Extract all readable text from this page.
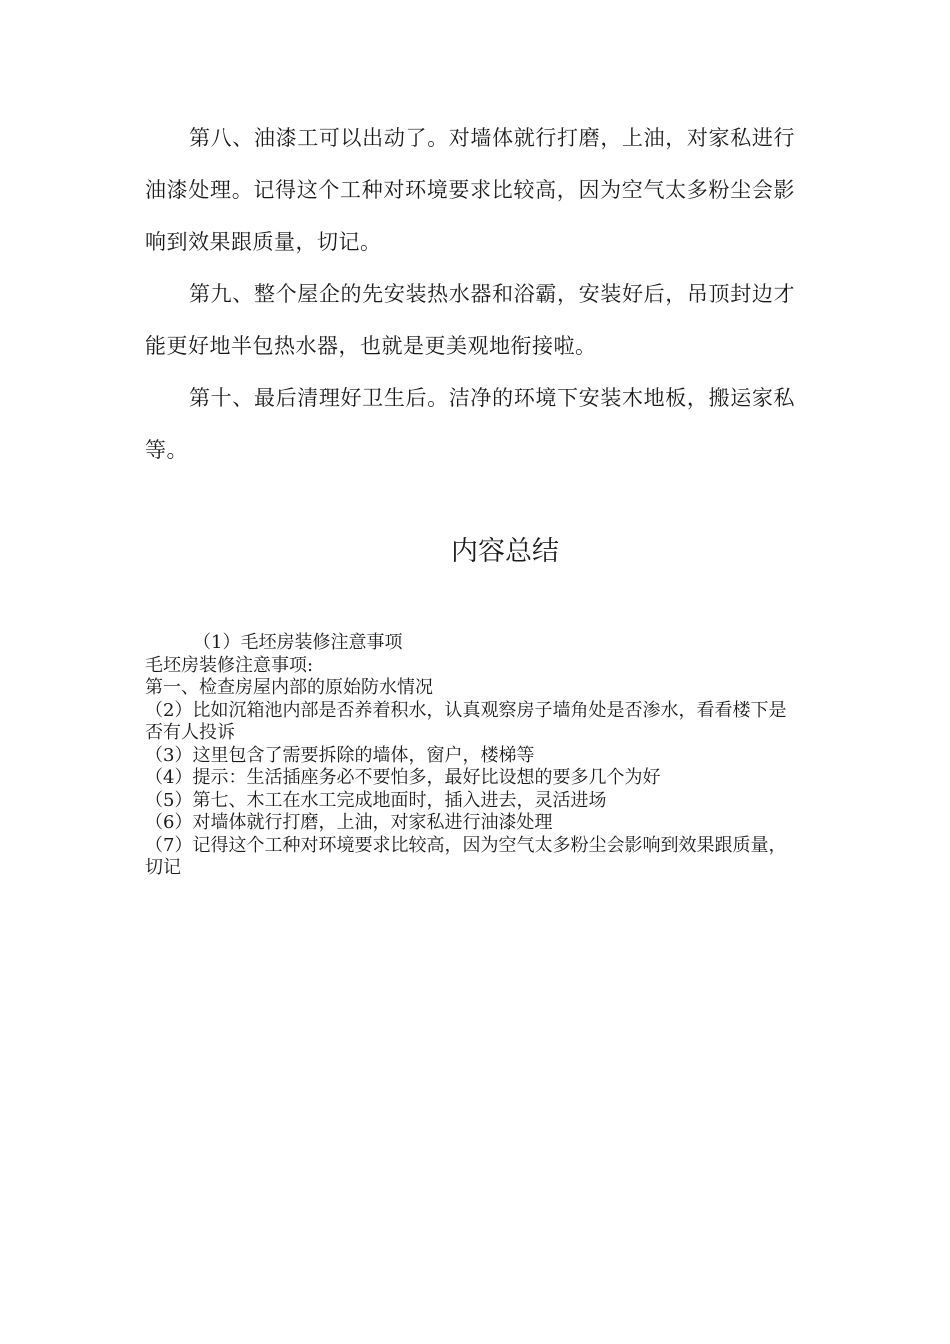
第八、油漆工可以出动了。对墙体就行打磨，上油，对家私进行油漆处理。记得这个工种对环境要求比较高，因为空气太多粉尘会影响到效果跟质量，切记。

第九、整个屋企的先安装热水器和浴霸，安装好后，吊顶封边才能更好地半包热水器，也就是更美观地衔接啦。

第十、最后清理好卫生后。洁净的环境下安装木地板，搬运家私等。

内容总结

（1）毛坯房装修注意事项

毛坯房装修注意事项:

第一、检查房屋内部的原始防水情况

（2）比如沉箱池内部是否养着积水，认真观察房子墙角处是否渗水，看看楼下是否有人投诉

（3）这里包含了需要拆除的墙体，窗户，楼梯等

（4）提示：生活插座务必不要怕多，最好比设想的要多几个为好

（5）第七、木工在水工完成地面时，插入进去，灵活进场

（6）对墙体就行打磨，上油，对家私进行油漆处理

（7）记得这个工种对环境要求比较高，因为空气太多粉尘会影响到效果跟质量，切记
